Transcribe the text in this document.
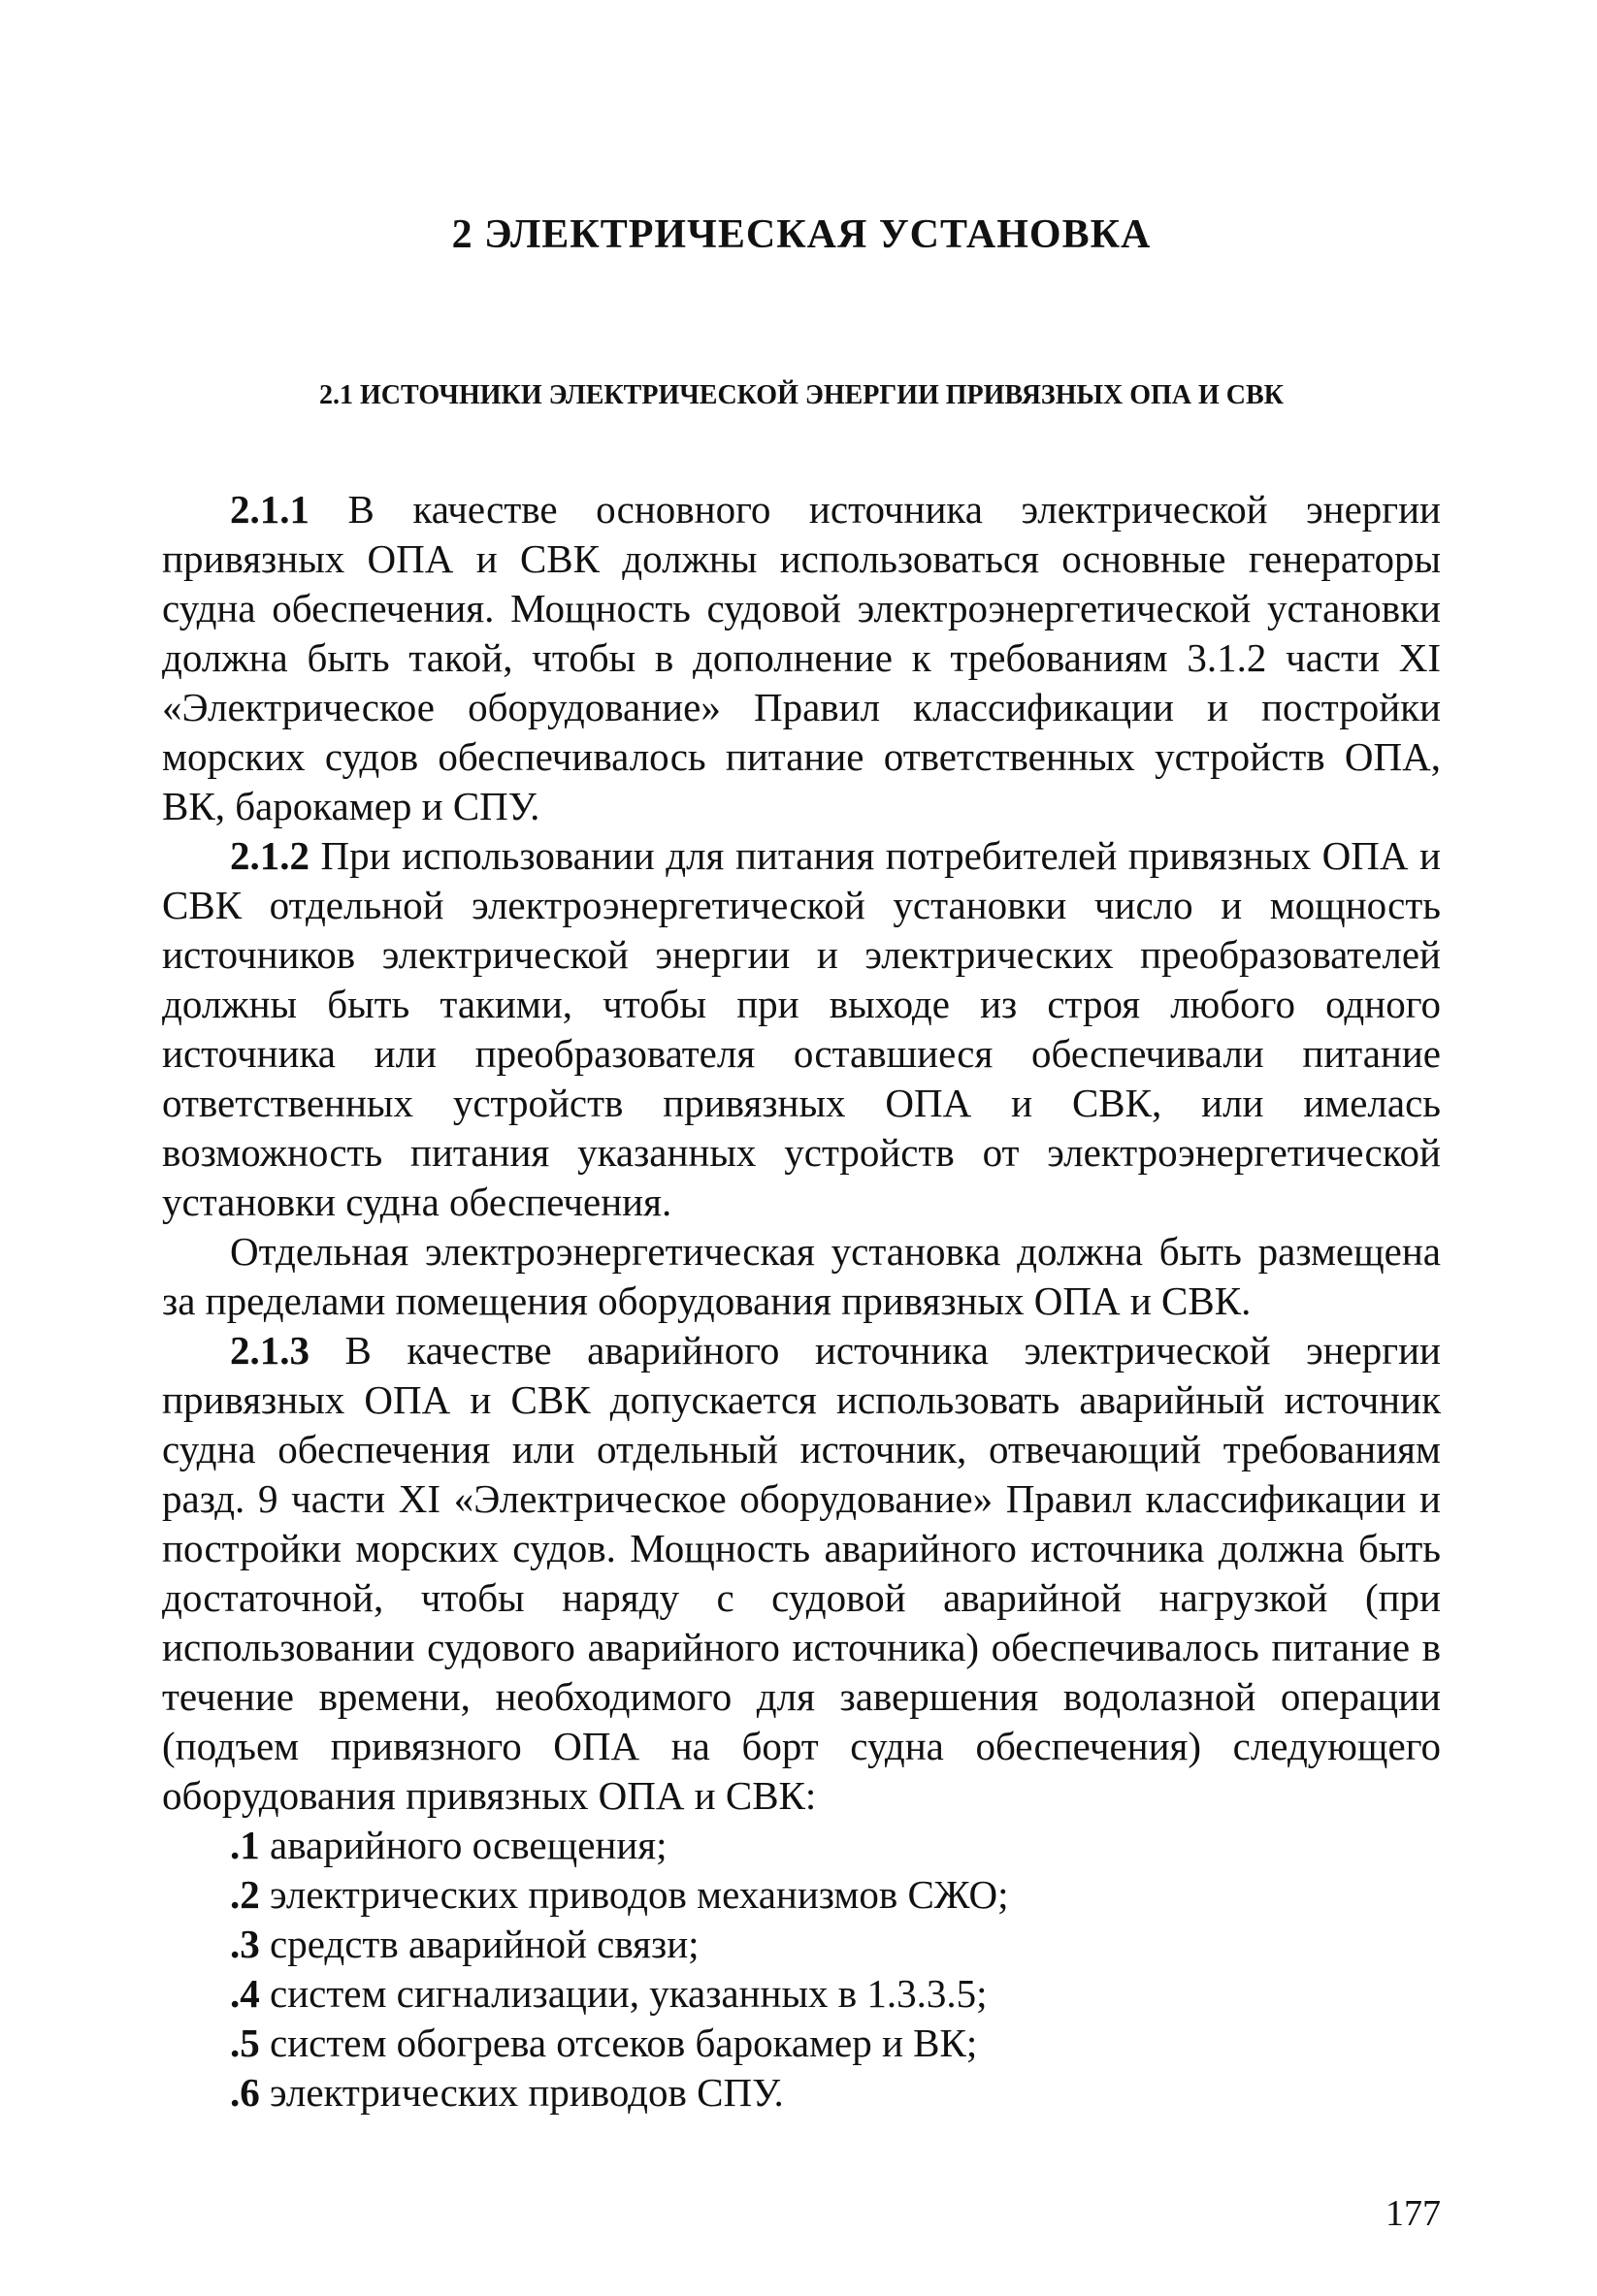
2 ЭЛЕКТРИЧЕСКАЯ УСТАНОВКА
2.1 ИСТОЧНИКИ ЭЛЕКТРИЧЕСКОЙ ЭНЕРГИИ ПРИВЯЗНЫХ ОПА И СВК

2.1.1 В качестве основного источника электрической энергии привязных ОПА и СВК должны использоваться основные генераторы судна обеспечения. Мощность судовой электроэнергетической установки должна быть такой, чтобы в дополнение к требованиям 3.1.2 части XI «Электрическое оборудование» Правил классификации и постройки морских судов обеспечивалось питание ответственных устройств ОПА, ВК, барокамер и СПУ.

2.1.2 При использовании для питания потребителей привязных ОПА и СВК отдельной электроэнергетической установки число и мощность источников электрической энергии и электрических преобразователей должны быть такими, чтобы при выходе из строя любого одного источника или преобразователя оставшиеся обеспечивали питание ответственных устройств привязных ОПА и СВК, или имелась возможность питания указанных устройств от электроэнергетической установки судна обеспечения.

Отдельная электроэнергетическая установка должна быть размещена за пределами помещения оборудования привязных ОПА и СВК.

2.1.3 В качестве аварийного источника электрической энергии привязных ОПА и СВК допускается использовать аварийный источник судна обеспечения или отдельный источник, отвечающий требованиям разд. 9 части XI «Электрическое оборудование» Правил классификации и постройки морских судов. Мощность аварийного источника должна быть достаточной, чтобы наряду с судовой аварийной нагрузкой (при использовании судового аварийного источника) обеспечивалось питание в течение времени, необходимого для завершения водолазной операции (подъем привязного ОПА на борт судна обеспечения) следующего оборудования привязных ОПА и СВК:

.1 аварийного освещения;
.2 электрических приводов механизмов СЖО;
.3 средств аварийной связи;
.4 систем сигнализации, указанных в 1.3.3.5;
.5 систем обогрева отсеков барокамер и ВК;
.6 электрических приводов СПУ.

177
